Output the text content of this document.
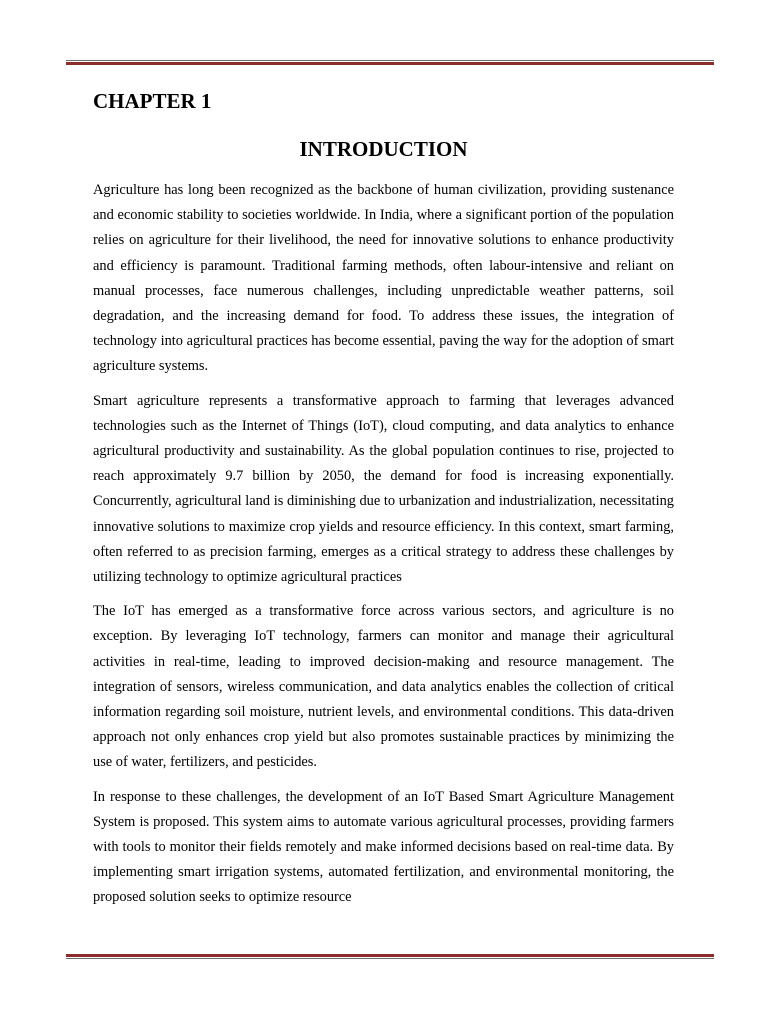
CHAPTER 1
INTRODUCTION

Agriculture has long been recognized as the backbone of human civilization, providing sustenance and economic stability to societies worldwide. In India, where a significant portion of the population relies on agriculture for their livelihood, the need for innovative solutions to enhance productivity and efficiency is paramount. Traditional farming methods, often labour-intensive and reliant on manual processes, face numerous challenges, including unpredictable weather patterns, soil degradation, and the increasing demand for food. To address these issues, the integration of technology into agricultural practices has become essential, paving the way for the adoption of smart agriculture systems.

Smart agriculture represents a transformative approach to farming that leverages advanced technologies such as the Internet of Things (IoT), cloud computing, and data analytics to enhance agricultural productivity and sustainability. As the global population continues to rise, projected to reach approximately 9.7 billion by 2050, the demand for food is increasing exponentially. Concurrently, agricultural land is diminishing due to urbanization and industrialization, necessitating innovative solutions to maximize crop yields and resource efficiency. In this context, smart farming, often referred to as precision farming, emerges as a critical strategy to address these challenges by utilizing technology to optimize agricultural practices

The IoT has emerged as a transformative force across various sectors, and agriculture is no exception. By leveraging IoT technology, farmers can monitor and manage their agricultural activities in real-time, leading to improved decision-making and resource management. The integration of sensors, wireless communication, and data analytics enables the collection of critical information regarding soil moisture, nutrient levels, and environmental conditions. This data-driven approach not only enhances crop yield but also promotes sustainable practices by minimizing the use of water, fertilizers, and pesticides.

In response to these challenges, the development of an IoT Based Smart Agriculture Management System is proposed. This system aims to automate various agricultural processes, providing farmers with tools to monitor their fields remotely and make informed decisions based on real-time data. By implementing smart irrigation systems, automated fertilization, and environmental monitoring, the proposed solution seeks to optimize resource
